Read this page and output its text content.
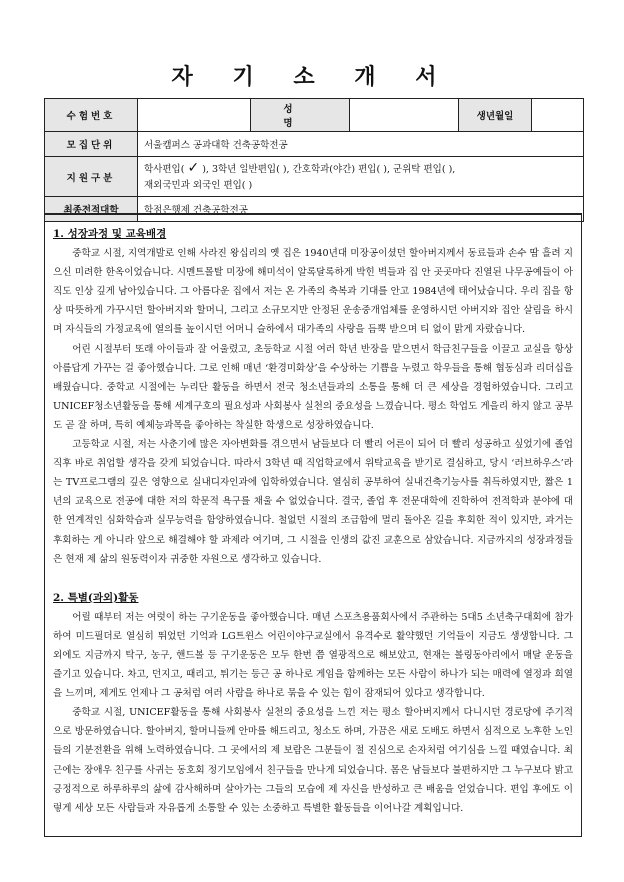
자 기 소 개 서
수험번호		성 명		생년월일	
모집단위	서울캠퍼스 공과대학 건축공학전공				
지원구분	학사편입( ✓ ), 3학년 일반편입( ), 간호학과(야간) 편입( ), 군위탁 편입( ),
재외국민과 외국인 편입( )				
최종전적대학	학점은행제 건축공학전공				
1. 성장과정 및 교육배경

중학교 시절, 지역개발로 인해 사라진 왕십리의 옛 집은 1940년대 미장공이셨던 할아버지께서 동료들과 손수 땀 흘려 지으신 미려한 한옥이었습니다. 시멘트몰탈 미장에 해미석이 알록달록하게 박힌 벽들과 집 안 곳곳마다 진열된 나무공예들이 아직도 인상 깊게 남아있습니다. 그 아름다운 집에서 저는 온 가족의 축복과 기대를 안고 1984년에 태어났습니다. 우리 집을 항상 따뜻하게 가꾸시던 할아버지와 할머니, 그리고 소규모지만 안정된 운송중개업체를 운영하시던 아버지와 집안 살림을 하시며 자식들의 가정교육에 열의를 높이시던 어머니 슬하에서 대가족의 사랑을 듬뿍 받으며 티 없이 맑게 자랐습니다.

어린 시절부터 또래 아이들과 잘 어울렸고, 초등학교 시절 여러 학년 반장을 맡으면서 학급친구들을 이끌고 교실을 항상 아름답게 가꾸는 걸 좋아했습니다. 그로 인해 매년 ‘환경미화상’을 수상하는 기쁨을 누렸고 학우들을 통해 협동심과 리더십을 배웠습니다. 중학교 시절에는 누리단 활동을 하면서 전국 청소년들과의 소통을 통해 더 큰 세상을 경험하였습니다. 그리고 UNICEF청소년활동을 통해 세계구호의 필요성과 사회봉사 실천의 중요성을 느꼈습니다. 평소 학업도 게을리 하지 않고 공부도 곧 잘 하며, 특히 예체능과목을 좋아하는 착실한 학생으로 성장하였습니다.

고등학교 시절, 저는 사춘기에 많은 자아변화를 겪으면서 남들보다 더 빨리 어른이 되어 더 빨리 성공하고 싶었기에 졸업 직후 바로 취업할 생각을 갖게 되었습니다. 따라서 3학년 때 직업학교에서 위탁교육을 받기로 결심하고, 당시 ‘러브하우스’라는 TV프로그램의 깊은 영향으로 실내디자인과에 입학하였습니다. 열심히 공부하여 실내건축기능사를 취득하였지만, 짧은 1년의 교육으로 전공에 대한 저의 학문적 욕구를 채울 수 없었습니다. 결국, 졸업 후 전문대학에 진학하여 전적학과 분야에 대한 연계적인 심화학습과 실무능력을 함양하였습니다. 철없던 시절의 조급함에 멀리 돌아온 길을 후회한 적이 있지만, 과거는 후회하는 게 아니라 앞으로 해결해야 할 과제라 여기며, 그 시절을 인생의 값진 교훈으로 삼았습니다. 지금까지의 성장과정들은 현재 제 삶의 원동력이자 귀중한 자원으로 생각하고 있습니다.

2. 특별(과외)활동

어릴 때부터 저는 여럿이 하는 구기운동을 좋아했습니다. 매년 스포츠용품회사에서 주관하는 5대5 소년축구대회에 참가하여 미드필더로 열심히 뛰었던 기억과 LG트윈스 어린이야구교실에서 유격수로 활약했던 기억들이 지금도 생생합니다. 그 외에도 지금까지 탁구, 농구, 핸드볼 등 구기운동은 모두 한번 쯤 열광적으로 해보았고, 현재는 볼링동아리에서 매달 운동을 즐기고 있습니다. 차고, 던지고, 때리고, 튀기는 등근 공 하나로 게임을 함께하는 모든 사람이 하나가 되는 매력에 열정과 희열을 느끼며, 제게도 언제나 그 공처럼 여러 사람을 하나로 묶을 수 있는 힘이 잠재되어 있다고 생각합니다.

중학교 시절, UNICEF활동을 통해 사회봉사 실천의 중요성을 느낀 저는 평소 할아버지께서 다니시던 경로당에 주기적으로 방문하였습니다. 할아버지, 할머니들께 안마를 해드리고, 청소도 하며, 가끔은 새로 도배도 하면서 심적으로 노후한 노인들의 기분전환을 위해 노력하였습니다. 그 곳에서의 제 보람은 그분들이 절 진심으로 손자처럼 여기심을 느낄 때였습니다. 최근에는 장애우 친구를 사귀는 동호회 정기모임에서 친구들을 만나게 되었습니다. 몸은 남들보다 불편하지만 그 누구보다 밝고 긍정적으로 하루하루의 삶에 감사해하며 살아가는 그들의 모습에 제 자신을 반성하고 큰 배움을 얻었습니다. 편입 후에도 이렇게 세상 모든 사람들과 자유롭게 소통할 수 있는 소중하고 특별한 활동들을 이어나갈 계획입니다.
